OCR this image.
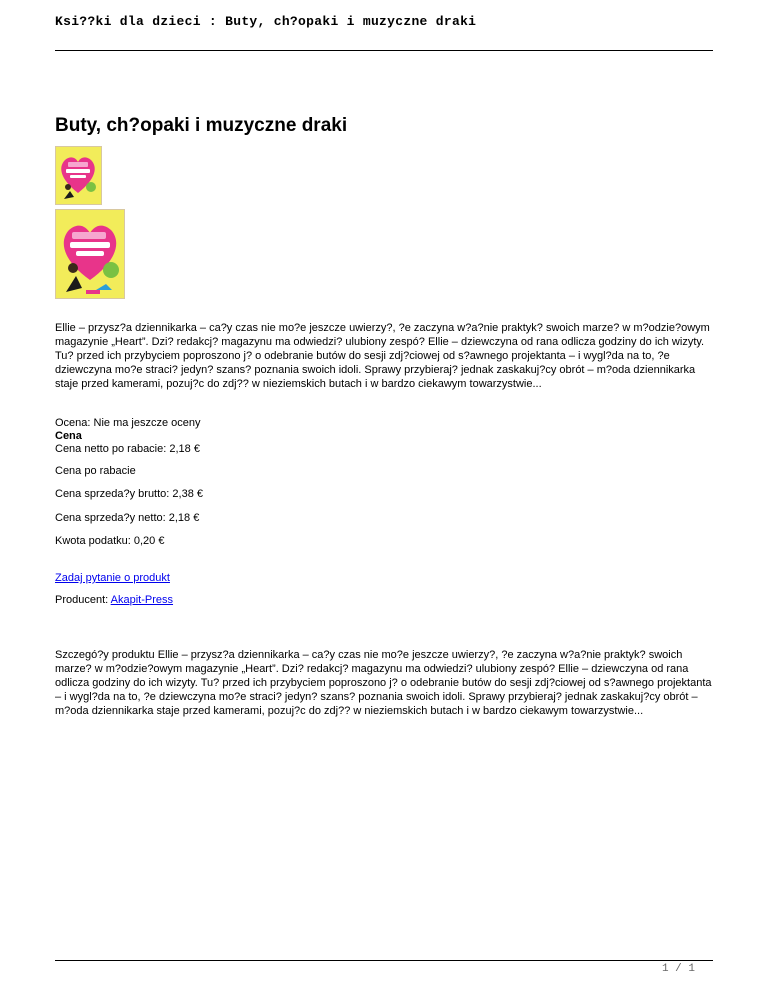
Ksi??ki dla dzieci : Buty, ch?opaki i muzyczne draki
Buty, ch?opaki i muzyczne draki
Ellie – przysz?a dziennikarka – ca?y czas nie mo?e jeszcze uwierzy?, ?e zaczyna w?a?nie praktyk? swoich marze? w m?odzie?owym magazynie „Heart”. Dzi? redakcj? magazynu ma odwiedzi? ulubiony zespó? Ellie – dziewczyna od rana odlicza godziny do ich wizyty. Tu? przed ich przybyciem poproszono j? o odebranie butów do sesji zdj?ciowej od s?awnego projektanta – i wygl?da na to, ?e dziewczyna mo?e straci? jedyn? szans? poznania swoich idoli. Sprawy przybieraj? jednak zaskakuj?cy obrót – m?oda dziennikarka staje przed kamerami, pozuj?c do zdj?? w nieziemskich butach i w bardzo ciekawym towarzystwie...
Ocena: Nie ma jeszcze oceny
Cena
Cena netto po rabacie: 2,18 €
Cena po rabacie
Cena sprzeda?y brutto: 2,38 €
Cena sprzeda?y netto: 2,18 €
Kwota podatku: 0,20 €
Zadaj pytanie o produkt
Producent: Akapit-Press
Szczegó?y produktu Ellie – przysz?a dziennikarka – ca?y czas nie mo?e jeszcze uwierzy?, ?e zaczyna w?a?nie praktyk? swoich marze? w m?odzie?owym magazynie „Heart”. Dzi? redakcj? magazynu ma odwiedzi? ulubiony zespó? Ellie – dziewczyna od rana odlicza godziny do ich wizyty. Tu? przed ich przybyciem poproszono j? o odebranie butów do sesji zdj?ciowej od s?awnego projektanta – i wygl?da na to, ?e dziewczyna mo?e straci? jedyn? szans? poznania swoich idoli. Sprawy przybieraj? jednak zaskakuj?cy obrót – m?oda dziennikarka staje przed kamerami, pozuj?c do zdj?? w nieziemskich butach i w bardzo ciekawym towarzystwie...
1 / 1
